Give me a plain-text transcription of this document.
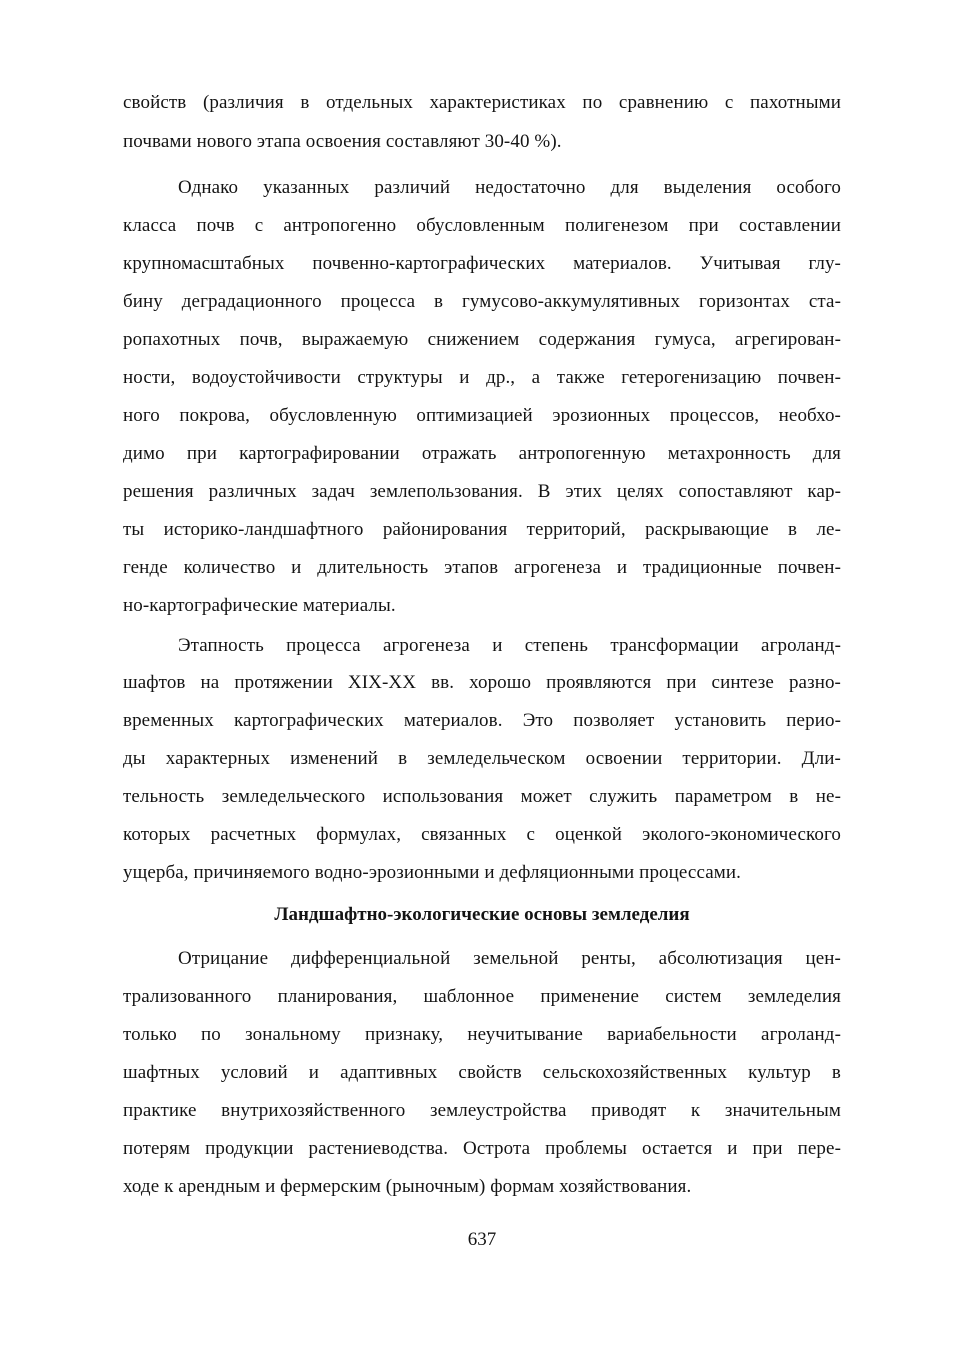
свойств (различия в отдельных характеристиках по сравнению с пахотными
почвами нового этапа освоения составляют 30-40 %).
Однако указанных различий недостаточно для выделения особого
класса почв с антропогенно обусловленным полигенезом при составлении
крупномасштабных почвенно-картографических материалов. Учитывая глу-
бину деградационного процесса в гумусово-аккумулятивных горизонтах ста-
ропахотных почв, выражаемую снижением содержания гумуса, агрегирован-
ности, водоустойчивости структуры и др., а также гетерогенизацию почвен-
ного покрова, обусловленную оптимизацией эрозионных процессов, необхо-
димо при картографировании отражать антропогенную метахронность для
решения различных задач землепользования. В этих целях сопоставляют кар-
ты историко-ландшафтного районирования территорий, раскрывающие в ле-
генде количество и длительность этапов агрогенеза и традиционные почвен-
но-картографические материалы.
Этапность процесса агрогенеза и степень трансформации агроланд-
шафтов на протяжении XIX-XX вв. хорошо проявляются при синтезе разно-
временных картографических материалов. Это позволяет установить перио-
ды характерных изменений в земледельческом освоении территории. Дли-
тельность земледельческого использования может служить параметром в не-
которых расчетных формулах, связанных с оценкой эколого-экономического
ущерба, причиняемого водно-эрозионными и дефляционными процессами.
Ландшафтно-экологические основы земледелия
Отрицание дифференциальной земельной ренты, абсолютизация цен-
трализованного планирования, шаблонное применение систем земледелия
только по зональному признаку, неучитывание вариабельности агроланд-
шафтных условий и адаптивных свойств сельскохозяйственных культур в
практике внутрихозяйственного землеустройства приводят к значительным
потерям продукции растениеводства. Острота проблемы остается и при пере-
ходе к арендным и фермерским (рыночным) формам хозяйствования.
637
